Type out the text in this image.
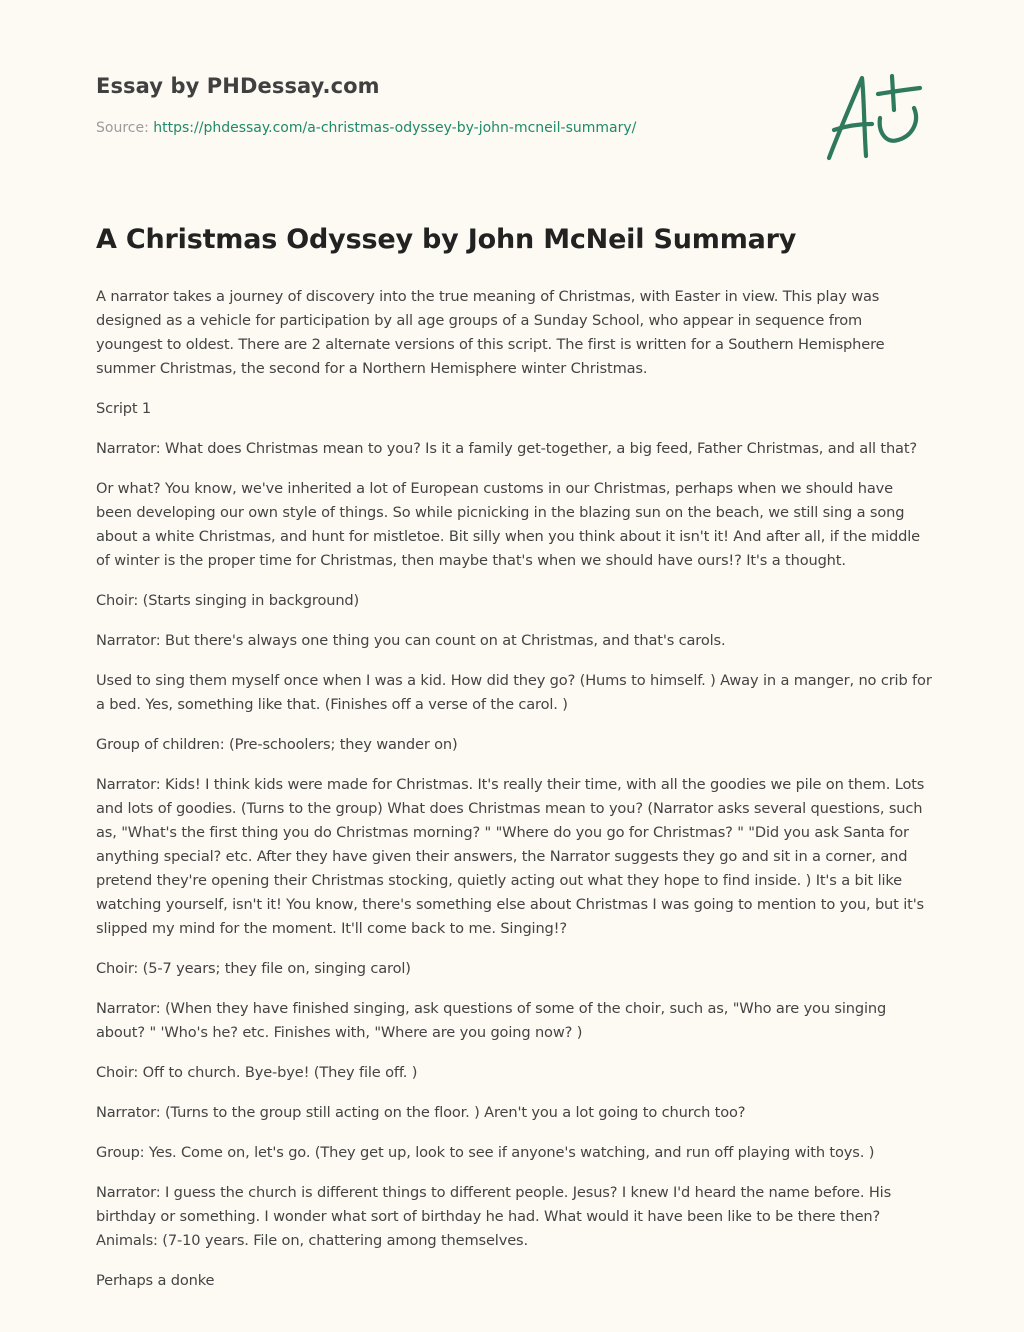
Essay by PHDessay.com
Source: https://phdessay.com/a-christmas-odyssey-by-john-mcneil-summary/
A Christmas Odyssey by John McNeil Summary

A narrator takes a journey of discovery into the true meaning of Christmas, with Easter in view. This play was designed as a vehicle for participation by all age groups of a Sunday School, who appear in sequence from youngest to oldest. There are 2 alternate versions of this script. The first is written for a Southern Hemisphere summer Christmas, the second for a Northern Hemisphere winter Christmas.

Script 1

Narrator: What does Christmas mean to you? Is it a family get-together, a big feed, Father Christmas, and all that?

Or what? You know, we've inherited a lot of European customs in our Christmas, perhaps when we should have been developing our own style of things. So while picnicking in the blazing sun on the beach, we still sing a song about a white Christmas, and hunt for mistletoe. Bit silly when you think about it isn't it! And after all, if the middle of winter is the proper time for Christmas, then maybe that's when we should have ours!? It's a thought.

Choir: (Starts singing in background)

Narrator: But there's always one thing you can count on at Christmas, and that's carols.

Used to sing them myself once when I was a kid. How did they go? (Hums to himself. ) Away in a manger, no crib for a bed. Yes, something like that. (Finishes off a verse of the carol. )

Group of children: (Pre-schoolers; they wander on)

Narrator: Kids! I think kids were made for Christmas. It's really their time, with all the goodies we pile on them. Lots and lots of goodies. (Turns to the group) What does Christmas mean to you? (Narrator asks several questions, such as, "What's the first thing you do Christmas morning? " "Where do you go for Christmas? " "Did you ask Santa for anything special? etc. After they have given their answers, the Narrator suggests they go and sit in a corner, and pretend they're opening their Christmas stocking, quietly acting out what they hope to find inside. ) It's a bit like watching yourself, isn't it! You know, there's something else about Christmas I was going to mention to you, but it's slipped my mind for the moment. It'll come back to me. Singing!?

Choir: (5-7 years; they file on, singing carol)

Narrator: (When they have finished singing, ask questions of some of the choir, such as, "Who are you singing about? " 'Who's he? etc. Finishes with, "Where are you going now? )

Choir: Off to church. Bye-bye! (They file off. )

Narrator: (Turns to the group still acting on the floor. ) Aren't you a lot going to church too?

Group: Yes. Come on, let's go. (They get up, look to see if anyone's watching, and run off playing with toys. )

Narrator: I guess the church is different things to different people. Jesus? I knew I'd heard the name before. His birthday or something. I wonder what sort of birthday he had. What would it have been like to be there then? Animals: (7-10 years. File on, chattering among themselves.

Perhaps a donke
